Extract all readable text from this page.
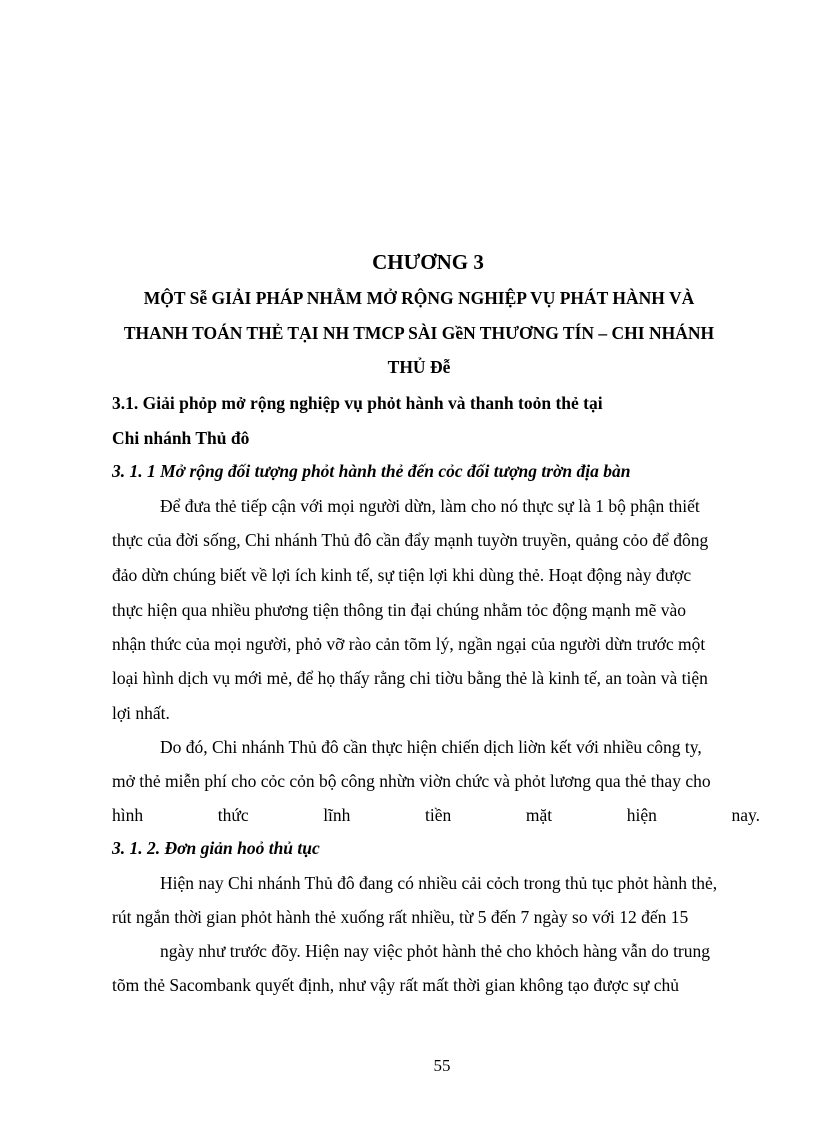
CHƯƠNG 3
MỘT Sễ GIẢI PHÁP NHẰM MỞ RỘNG NGHIỆP VỤ PHÁT HÀNH VÀ
THANH TOÁN THẺ TẠI NH TMCP SÀI GềN THƯƠNG TÍN – CHI NHÁNH
THỦ Đễ
3.1. Giải phỏp mở rộng nghiệp vụ phỏt hành và thanh toỏn thẻ tại
Chi nhánh Thủ đô
3. 1. 1 Mở rộng đối tượng phỏt hành thẻ đến cỏc đối tượng trờn địa bàn
Để đưa thẻ tiếp cận với mọi người dừn, làm cho nó thực sự là 1 bộ phận thiết
thực của đời sống, Chi nhánh Thủ đô cần đẩy mạnh tuyờn truyền, quảng cỏo để đông
đảo dừn chúng biết về lợi ích kinh tế, sự tiện lợi khi dùng thẻ. Hoạt động này được
thực hiện qua nhiều phương tiện thông tin đại chúng nhằm tỏc động mạnh mẽ vào
nhận thức của mọi người, phỏ vỡ rào cản tõm lý, ngần ngại của người dừn trước một
loại hình dịch vụ mới mẻ, để họ thấy rằng chi tiờu bằng thẻ là kinh tế, an toàn và tiện
lợi nhất.
Do đó, Chi nhánh Thủ đô cần thực hiện chiến dịch liờn kết với nhiều công ty,
mở thẻ miễn phí cho cỏc cỏn bộ công nhừn viờn chức và phỏt lương qua thẻ thay cho
hình	thức	lĩnh	tiền	mặt	hiện	nay.
3. 1. 2. Đơn giản hoỏ thủ tục
Hiện nay Chi nhánh Thủ đô đang có nhiều cải cỏch trong thủ tục phỏt hành thẻ,
rút ngắn thời gian phỏt hành thẻ xuống rất nhiều, từ 5 đến 7 ngày so với 12 đến 15
ngày như trước đõy. Hiện nay việc phỏt hành thẻ cho khỏch hàng vẫn do trung
tõm thẻ Sacombank quyết định, như vậy rất mất thời gian không tạo được sự chủ
55
